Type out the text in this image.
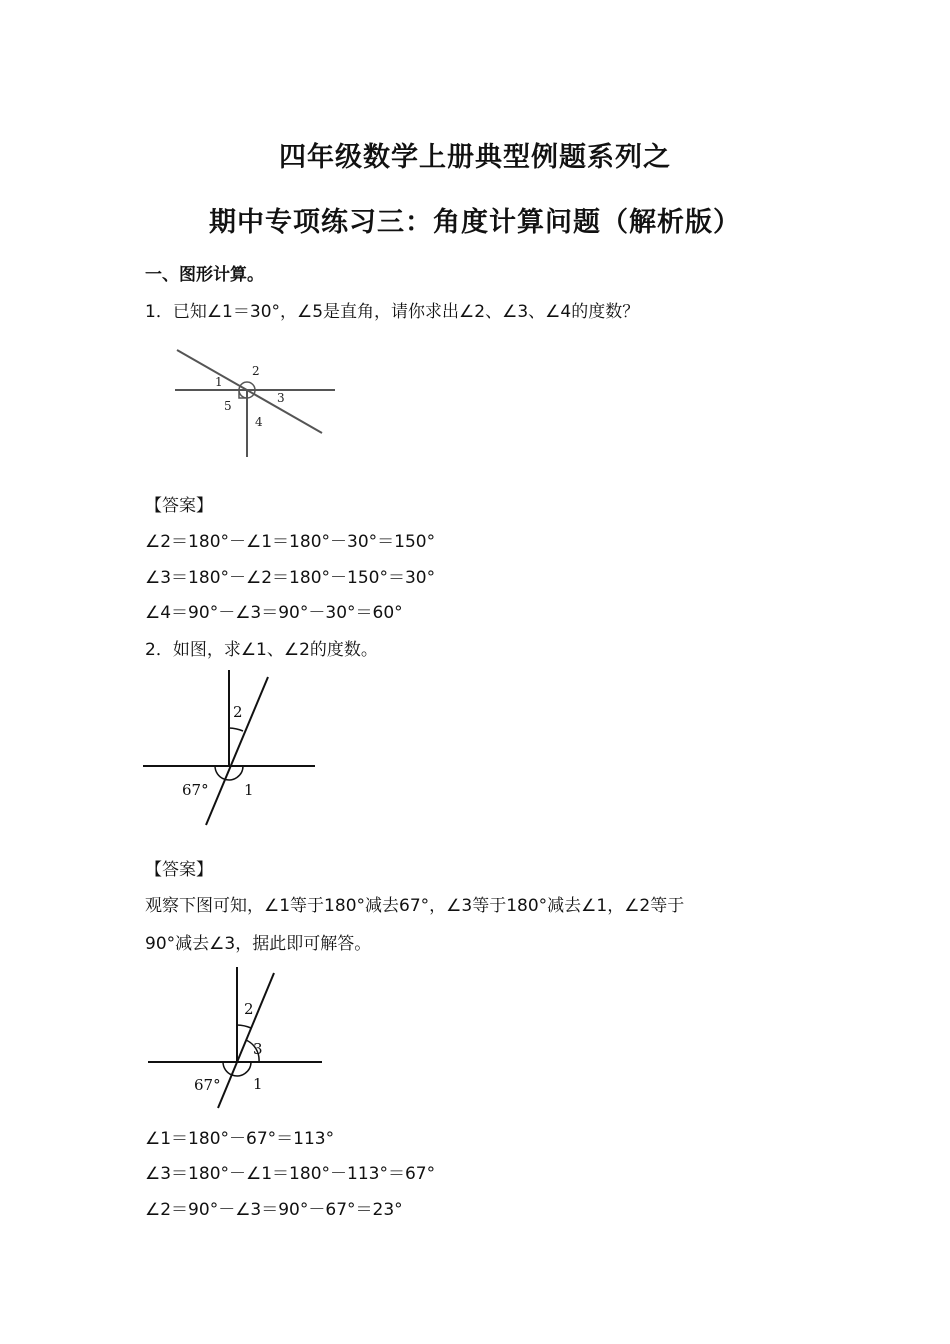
四年级数学上册典型例题系列之
期中专项练习三：角度计算问题（解析版）
一、图形计算。
1．已知∠1＝30°，∠5是直角，请你求出∠2、∠3、∠4的度数？
1
2
3
5
4
【答案】
∠2＝180°－∠1＝180°－30°＝150°
∠3＝180°－∠2＝180°－150°＝30°
∠4＝90°－∠3＝90°－30°＝60°
2．如图，求∠1、∠2的度数。
2
67° 1
【答案】
观察下图可知，∠1等于180°减去67°，∠3等于180°减去∠1，∠2等于
90°减去∠3，据此即可解答。
2
3
67° 1
∠1＝180°－67°＝113°
∠3＝180°－∠1＝180°－113°＝67°
∠2＝90°－∠3＝90°－67°＝23°
